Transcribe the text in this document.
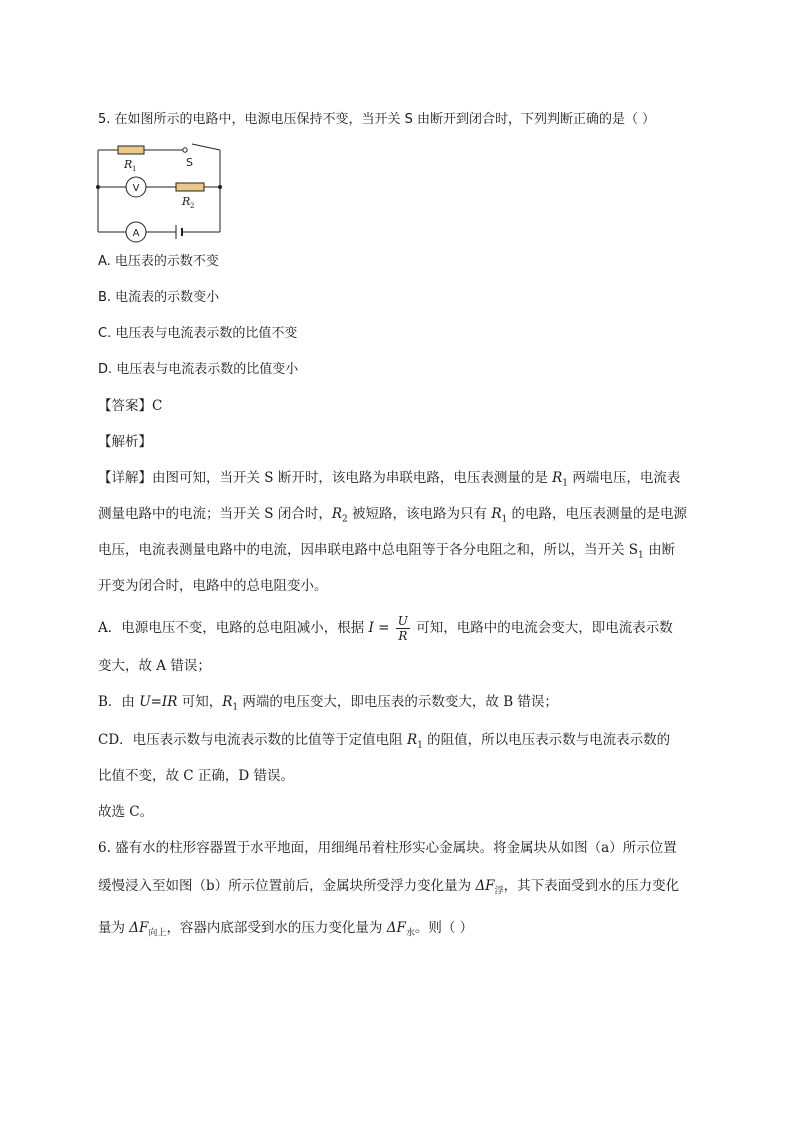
5. 在如图所示的电路中，电源电压保持不变，当开关 S 由断开到闭合时，下列判断正确的是（ ）
R 1
R 2
S
V
A
A. 电压表的示数不变
B. 电流表的示数变小
C. 电压表与电流表示数的比值不变
D. 电压表与电流表示数的比值变小
【答案】C
【解析】
【详解】由图可知，当开关 S 断开时，该电路为串联电路，电压表测量的是 $R_1$ 两端电压，电流表
测量电路中的电流；当开关 S 闭合时，$R_2$ 被短路，该电路为只有 $R_1$ 的电路，电压表测量的是电源
电压，电流表测量电路中的电流，因串联电路中总电阻等于各分电阻之和，所以，当开关 $S_1$ 由断
开变为闭合时，电路中的总电阻变小。
A．电源电压不变，电路的总电阻减小，根据 $I = \frac{U}{R}$ 可知，电路中的电流会变大，即电流表示数
变大，故 A 错误；
B．由 U=IR 可知，$R_1$ 两端的电压变大，即电压表的示数变大，故 B 错误；
CD．电压表示数与电流表示数的比值等于定值电阻 $R_1$ 的阻值，所以电压表示数与电流表示数的
比值不变，故 C 正确，D 错误。
故选 C。
6. 盛有水的柱形容器置于水平地面，用细绳吊着柱形实心金属块。将金属块从如图（a）所示位置
缓慢浸入至如图（b）所示位置前后，金属块所受浮力变化量为 $\Delta F_浮$，其下表面受到水的压力变化
量为 $\Delta F_{向上}$，容器内底部受到水的压力变化量为 $\Delta F_水$。则（ ）
